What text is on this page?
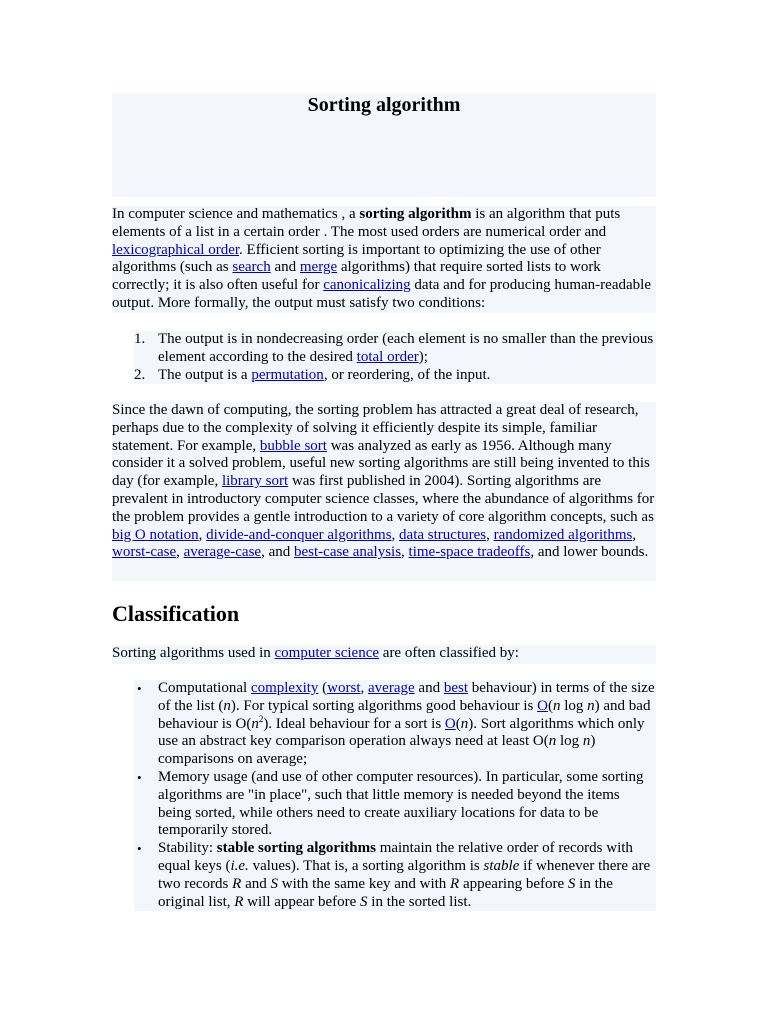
Sorting algorithm

In computer science and mathematics , a sorting algorithm is an algorithm that puts elements of a list in a certain order . The most used orders are numerical order and lexicographical order. Efficient sorting is important to optimizing the use of other algorithms (such as search and merge algorithms) that require sorted lists to work correctly; it is also often useful for canonicalizing data and for producing human-readable output. More formally, the output must satisfy two conditions:

1. The output is in nondecreasing order (each element is no smaller than the previous element according to the desired total order);
2. The output is a permutation, or reordering, of the input.

Since the dawn of computing, the sorting problem has attracted a great deal of research, perhaps due to the complexity of solving it efficiently despite its simple, familiar statement. For example, bubble sort was analyzed as early as 1956. Although many consider it a solved problem, useful new sorting algorithms are still being invented to this day (for example, library sort was first published in 2004). Sorting algorithms are prevalent in introductory computer science classes, where the abundance of algorithms for the problem provides a gentle introduction to a variety of core algorithm concepts, such as big O notation, divide-and-conquer algorithms, data structures, randomized algorithms, worst-case, average-case, and best-case analysis, time-space tradeoffs, and lower bounds.

Classification

Sorting algorithms used in computer science are often classified by:

• Computational complexity (worst, average and best behaviour) in terms of the size of the list (n). For typical sorting algorithms good behaviour is O(n log n) and bad behaviour is $O(n^2)$. Ideal behaviour for a sort is O(n). Sort algorithms which only use an abstract key comparison operation always need at least O(n log n) comparisons on average;
• Memory usage (and use of other computer resources). In particular, some sorting algorithms are "in place", such that little memory is needed beyond the items being sorted, while others need to create auxiliary locations for data to be temporarily stored.
• Stability: stable sorting algorithms maintain the relative order of records with equal keys (i.e. values). That is, a sorting algorithm is stable if whenever there are two records R and S with the same key and with R appearing before S in the original list, R will appear before S in the sorted list.
